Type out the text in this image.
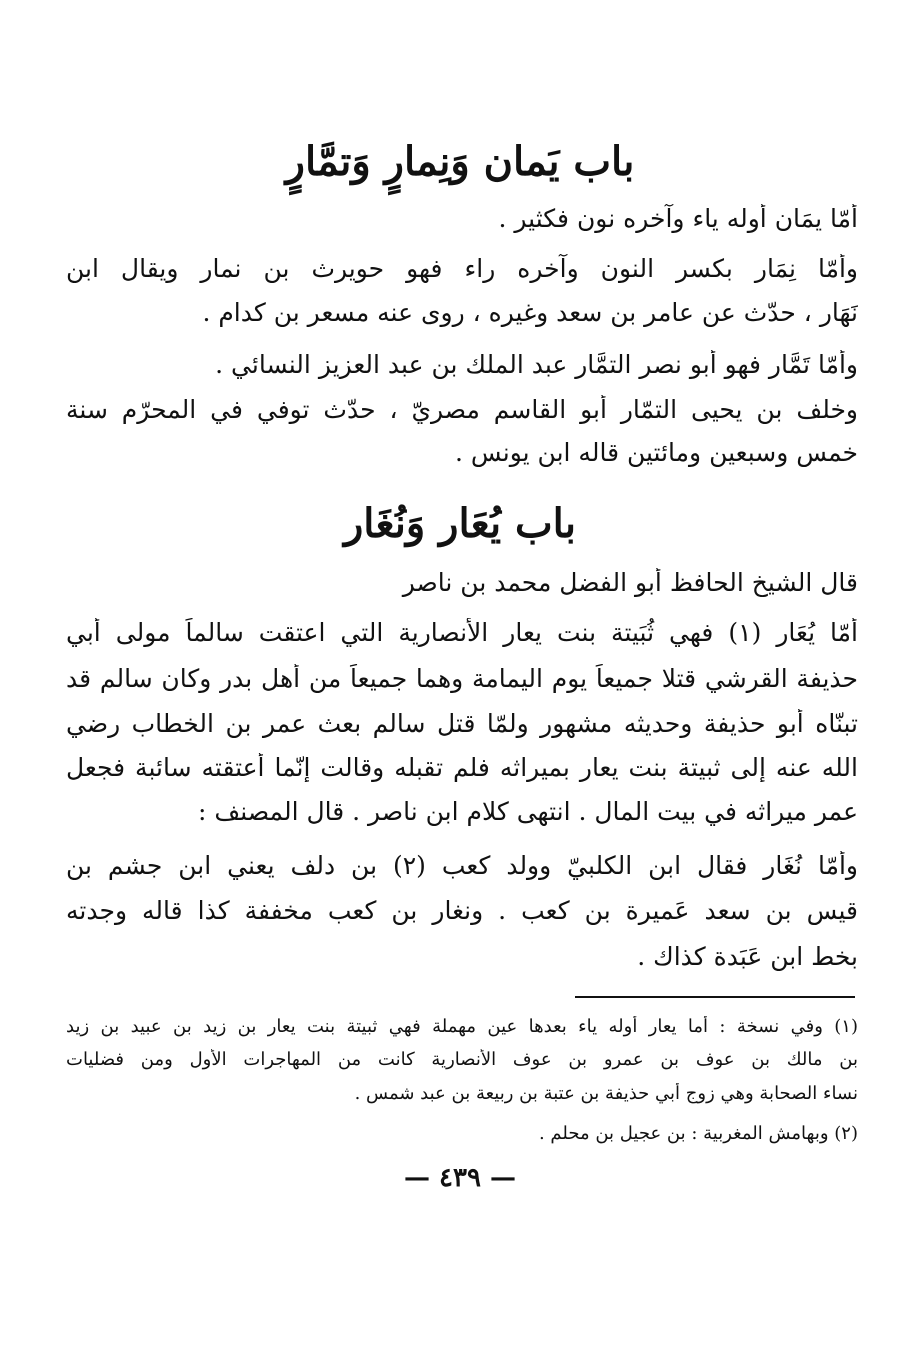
باب يَمان وَنِمارٍ وَتمَّارٍ
أمّا يمَان أوله ياء وآخره نون فكثير .
وأمّا نِمَار بكسر النون وآخره راء فهو حويرث بن نمار ويقال ابن
نَهَار ، حدّث عن عامر بن سعد وغيره ، روى عنه مسعر بن كدام .
وأمّا تَمَّار فهو أبو نصر التمَّار عبد الملك بن عبد العزيز النسائي .
وخلف بن يحيى التمّار أبو القاسم مصريّ ، حدّث توفي في المحرّم سنة
خمس وسبعين ومائتين قاله ابن يونس .
باب يُعَار وَنُغَار
قال الشيخ الحافظ أبو الفضل محمد بن ناصر
أمّا يُعَار (١) فهي ثُبَيتة بنت يعار الأنصارية التي اعتقت سالماً مولى أبي
حذيفة القرشي قتلا جميعاً يوم اليمامة وهما جميعاً من أهل بدر وكان سالم قد
تبنّاه أبو حذيفة وحديثه مشهور ولمّا قتل سالم بعث عمر بن الخطاب رضي
الله عنه إلى ثبيتة بنت يعار بميراثه فلم تقبله وقالت إنّما أعتقته سائبة فجعل
عمر ميراثه في بيت المال . انتهى كلام ابن ناصر . قال المصنف :
وأمّا نُغَار فقال ابن الكلبيّ وولد كعب (٢) بن دلف يعني ابن جشم بن
قيس بن سعد عَميرة بن كعب . ونغار بن كعب مخففة كذا قاله وجدته
بخط ابن عَبَدة كذاك .
(١) وفي نسخة : أما يعار أوله ياء بعدها عين مهملة فهي ثبيتة بنت يعار بن زيد بن عبيد بن زيد
بن مالك بن عوف بن عمرو بن عوف الأنصارية كانت من المهاجرات الأول ومن فضليات
نساء الصحابة وهي زوج أبي حذيفة بن عتبة بن ربيعة بن عبد شمس .
(٢) وبهامش المغربية : بن عجيل بن محلم .
— ٤٣٩ —
